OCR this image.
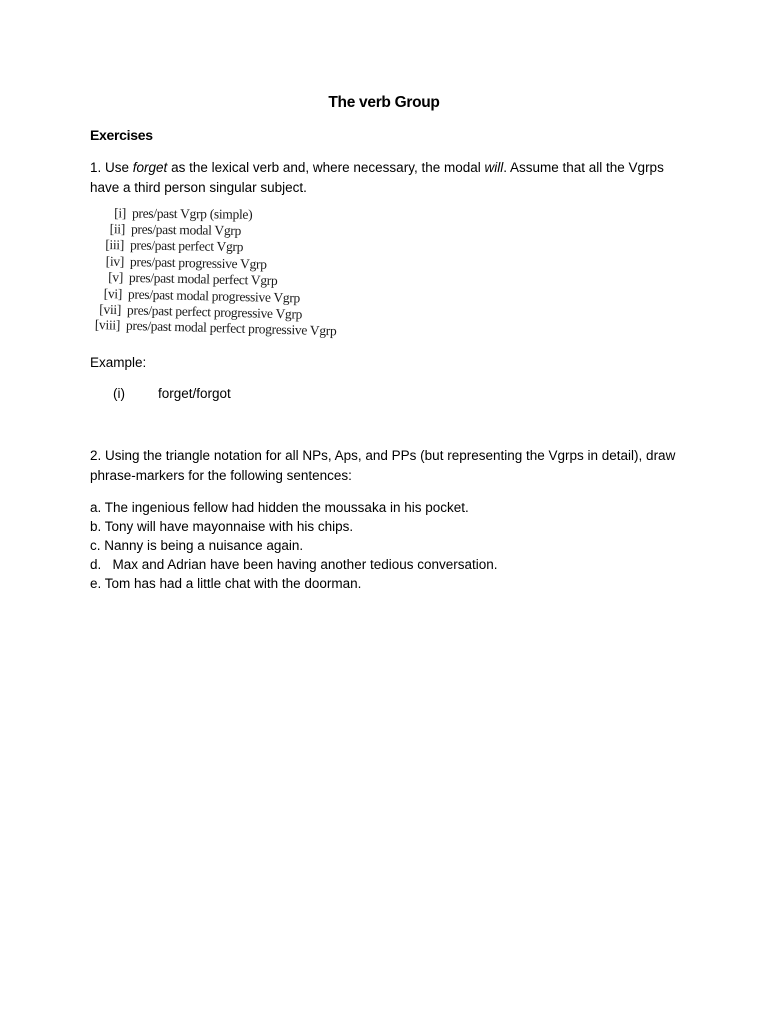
The verb Group
Exercises
1. Use forget as the lexical verb and, where necessary, the modal will. Assume that all the Vgrps have a third person singular subject.
[i] pres/past Vgrp (simple)
[ii] pres/past modal Vgrp
[iii] pres/past perfect Vgrp
[iv] pres/past progressive Vgrp
[v] pres/past modal perfect Vgrp
[vi] pres/past modal progressive Vgrp
[vii] pres/past perfect progressive Vgrp
[viii] pres/past modal perfect progressive Vgrp
Example:
(i) forget/forgot
2. Using the triangle notation for all NPs, Aps, and PPs (but representing the Vgrps in detail), draw phrase-markers for the following sentences:
a. The ingenious fellow had hidden the moussaka in his pocket.
b. Tony will have mayonnaise with his chips.
c. Nanny is being a nuisance again.
d.   Max and Adrian have been having another tedious conversation.
e. Tom has had a little chat with the doorman.
